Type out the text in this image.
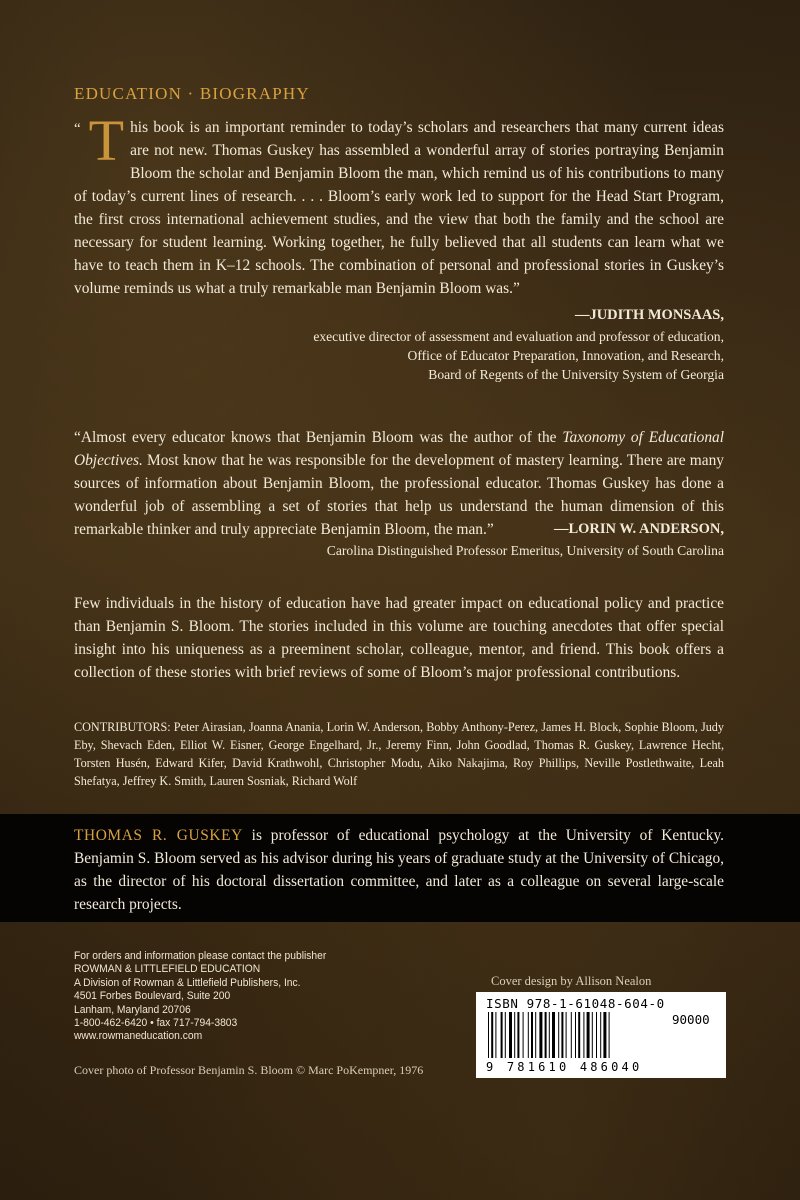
EDUCATION · BIOGRAPHY
“ T his book is an important reminder to today’s scholars and researchers that many current ideas are not new. Thomas Guskey has assembled a wonderful array of stories portraying Benjamin Bloom the scholar and Benjamin Bloom the man, which remind us of his contributions to many of today’s current lines of research. . . . Bloom’s early work led to support for the Head Start Program, the first cross international achievement studies, and the view that both the family and the school are necessary for student learning. Working together, he fully believed that all students can learn what we have to teach them in K–12 schools. The combination of personal and professional stories in Guskey’s volume reminds us what a truly remarkable man Benjamin Bloom was.”
—JUDITH MONSAAS,
executive director of assessment and evaluation and professor of education,
Office of Educator Preparation, Innovation, and Research,
Board of Regents of the University System of Georgia
“Almost every educator knows that Benjamin Bloom was the author of the Taxonomy of Educational Objectives. Most know that he was responsible for the development of mastery learning. There are many sources of information about Benjamin Bloom, the professional educator. Thomas Guskey has done a wonderful job of assembling a set of stories that help us understand the human dimension of this remarkable thinker and truly appreciate Benjamin Bloom, the man.”	—LORIN W. ANDERSON,
Carolina Distinguished Professor Emeritus, University of South Carolina
Few individuals in the history of education have had greater impact on educational policy and practice than Benjamin S. Bloom. The stories included in this volume are touching anecdotes that offer special insight into his uniqueness as a preeminent scholar, colleague, mentor, and friend. This book offers a collection of these stories with brief reviews of some of Bloom’s major professional contributions.
CONTRIBUTORS: Peter Airasian, Joanna Anania, Lorin W. Anderson, Bobby Anthony-Perez, James H. Block, Sophie Bloom, Judy Eby, Shevach Eden, Elliot W. Eisner, George Engelhard, Jr., Jeremy Finn, John Goodlad, Thomas R. Guskey, Lawrence Hecht, Torsten Husén, Edward Kifer, David Krathwohl, Christopher Modu, Aiko Nakajima, Roy Phillips, Neville Postlethwaite, Leah Shefatya, Jeffrey K. Smith, Lauren Sosniak, Richard Wolf
THOMAS R. GUSKEY is professor of educational psychology at the University of Kentucky. Benjamin S. Bloom served as his advisor during his years of graduate study at the University of Chicago, as the director of his doctoral dissertation committee, and later as a colleague on several large-scale research projects.
For orders and information please contact the publisher
ROWMAN & LITTLEFIELD EDUCATION
A Division of Rowman & Littlefield Publishers, Inc.
4501 Forbes Boulevard, Suite 200
Lanham, Maryland 20706
1-800-462-6420 • fax 717-794-3803
www.rowmaneducation.com
Cover photo of Professor Benjamin S. Bloom © Marc PoKempner, 1976
Cover design by Allison Nealon
ISBN 978-1-61048-604-0
90000
9 781610 486040
